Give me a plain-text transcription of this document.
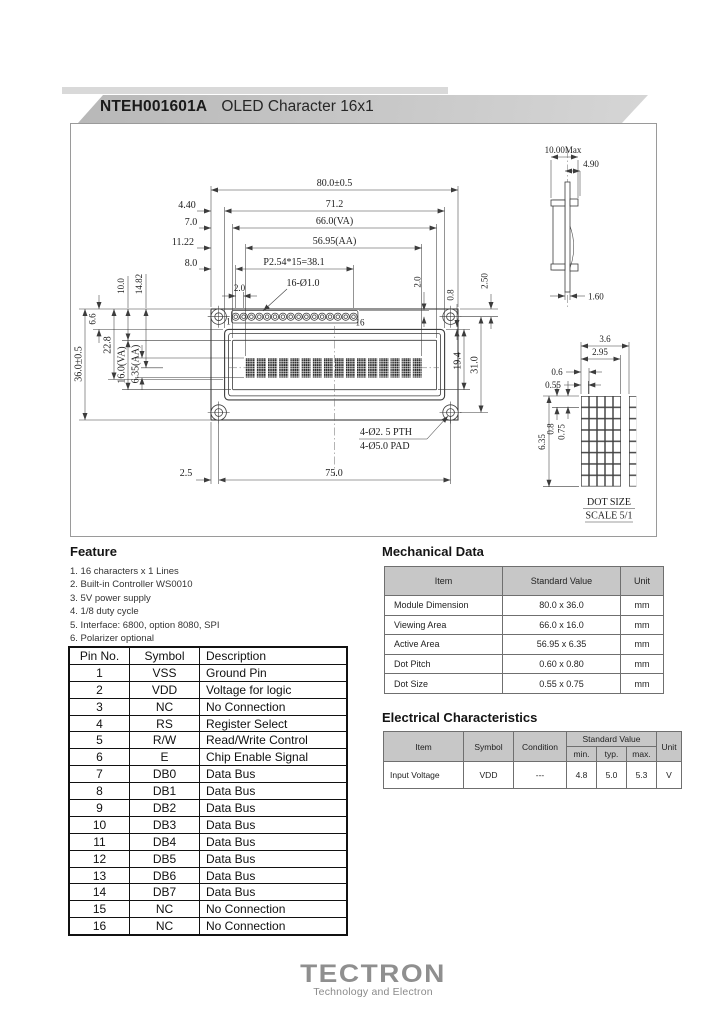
NTEH001601A OLED Character 16x1
1	16
80.0±0.5
71.2
4.40
66.0(VA)
7.0
56.95(AA)
11.22
P2.54*15=38.1
8.0
2.0	16-Ø1.0
36.0±0.5
6.6
22.8
16.0(VA) 6.35(AA)
10.0 14.82	2.0
0.8
2.50
19.4 31.0
2.5	75.0
4-Ø2. 5 PTH
4-Ø5.0 PAD
10.00Max
4.90
1.60
3.6
2.95
0.6
0.55
6.35
0.8 0.75
DOT SIZE
SCALE 5/1
Feature
1. 16 characters x 1 Lines
2. Built-in Controller WS0010
3. 5V power supply
4. 1/8 duty cycle
5. Interface: 6800, option 8080, SPI
6. Polarizer optional
Mechanical Data
Item	Standard Value	Unit
Module Dimension	80.0 x 36.0	mm
Viewing Area	66.0 x 16.0	mm
Active Area	56.95 x 6.35	mm
Dot Pitch	0.60 x 0.80	mm
Dot Size	0.55 x 0.75	mm
Pin No.	Symbol	Description
1	VSS	Ground Pin
2	VDD	Voltage for logic
3	NC	No Connection
4	RS	Register Select
5	R/W	Read/Write Control
6	E	Chip Enable Signal
7	DB0	Data Bus
8	DB1	Data Bus
9	DB2	Data Bus
10	DB3	Data Bus
11	DB4	Data Bus
12	DB5	Data Bus
13	DB6	Data Bus
14	DB7	Data Bus
15	NC	No Connection
16	NC	No Connection
Electrical Characteristics
Item	Symbol	Condition	Standard Value			Unit
			min.	typ.	max.	
Input Voltage	VDD	---	4.8	5.0	5.3	V
TECTRON
Technology and Electron
